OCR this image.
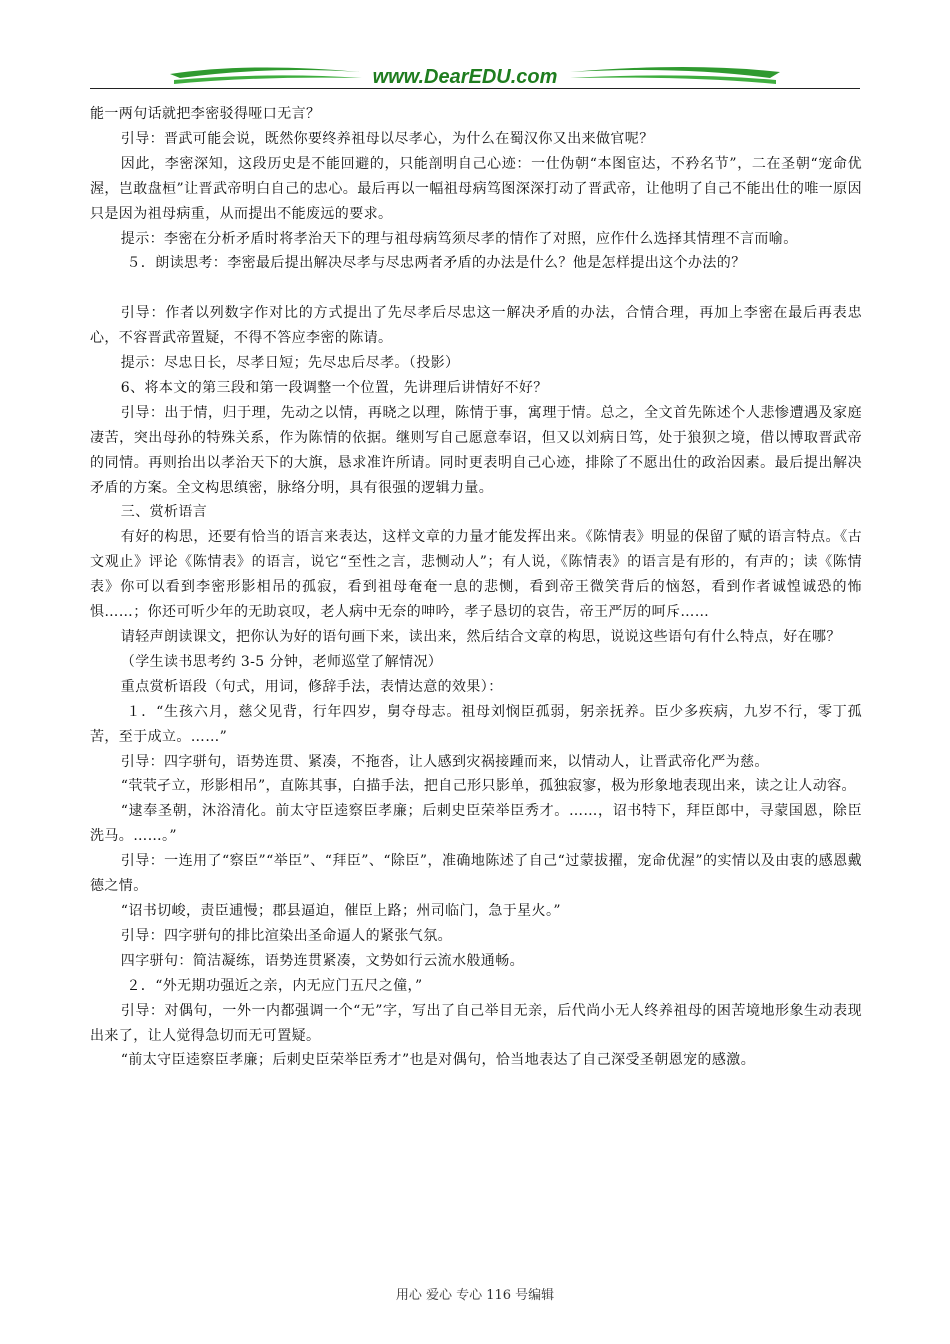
www.DearEDU.com

能一两句话就把李密驳得哑口无言？

引导：晋武可能会说，既然你要终养祖母以尽孝心，为什么在蜀汉你又出来做官呢？

因此，李密深知，这段历史是不能回避的，只能剖明自己心迹：一仕伪朝“本图宦达，不矜名节”，二在圣朝“宠命优渥，岂敢盘桓”让晋武帝明白自己的忠心。最后再以一幅祖母病笃图深深打动了晋武帝，让他明了自己不能出仕的唯一原因只是因为祖母病重，从而提出不能废远的要求。

提示：李密在分析矛盾时将孝治天下的理与祖母病笃须尽孝的情作了对照，应作什么选择其情理不言而喻。

５．朗读思考：李密最后提出解决尽孝与尽忠两者矛盾的办法是什么？他是怎样提出这个办法的？

引导：作者以列数字作对比的方式提出了先尽孝后尽忠这一解决矛盾的办法，合情合理，再加上李密在最后再表忠心，不容晋武帝置疑，不得不答应李密的陈请。

提示：尽忠日长，尽孝日短；先尽忠后尽孝。（投影）

6、将本文的第三段和第一段调整一个位置，先讲理后讲情好不好？

引导：出于情，归于理，先动之以情，再晓之以理，陈情于事，寓理于情。总之，全文首先陈述个人悲惨遭遇及家庭凄苦，突出母孙的特殊关系，作为陈情的依据。继则写自己愿意奉诏，但又以刘病日笃，处于狼狈之境，借以博取晋武帝的同情。再则抬出以孝治天下的大旗，恳求准许所请。同时更表明自己心迹，排除了不愿出仕的政治因素。最后提出解决矛盾的方案。全文构思缜密，脉络分明，具有很强的逻辑力量。

三、赏析语言

有好的构思，还要有恰当的语言来表达，这样文章的力量才能发挥出来。《陈情表》明显的保留了赋的语言特点。《古文观止》评论《陈情表》的语言，说它“至性之言，悲恻动人”；有人说，《陈情表》的语言是有形的，有声的；读《陈情表》你可以看到李密形影相吊的孤寂，看到祖母奄奄一息的悲恻，看到帝王微笑背后的恼怒，看到作者诚惶诚恐的怖惧……；你还可听少年的无助哀叹，老人病中无奈的呻吟，孝子恳切的哀告，帝王严厉的呵斥……

请轻声朗读课文，把你认为好的语句画下来，读出来，然后结合文章的构思，说说这些语句有什么特点，好在哪？

（学生读书思考约 3-5 分钟，老师巡堂了解情况）

重点赏析语段（句式，用词，修辞手法，表情达意的效果）：

１．“生孩六月，慈父见背，行年四岁，舅夺母志。祖母刘悯臣孤弱，躬亲抚养。臣少多疾病，九岁不行，零丁孤苦，至于成立。……”

引导：四字骈句，语势连贯、紧凑，不拖沓，让人感到灾祸接踵而来，以情动人，让晋武帝化严为慈。

“茕茕孑立，形影相吊”，直陈其事，白描手法，把自己形只影单，孤独寂寥，极为形象地表现出来，读之让人动容。

“逮奉圣朝，沐浴清化。前太守臣逵察臣孝廉；后刺史臣荣举臣秀才。……，诏书特下，拜臣郎中，寻蒙国恩，除臣洗马。……。”

引导：一连用了“察臣”“举臣”、“拜臣”、“除臣”，准确地陈述了自己“过蒙拔擢，宠命优渥”的实情以及由衷的感恩戴德之情。

“诏书切峻，责臣逋慢；郡县逼迫，催臣上路；州司临门，急于星火。”

引导：四字骈句的排比渲染出圣命逼人的紧张气氛。

四字骈句：简洁凝练，语势连贯紧凑，文势如行云流水般通畅。

２．“外无期功强近之亲，内无应门五尺之僮，”

引导：对偶句，一外一内都强调一个“无”字，写出了自己举目无亲，后代尚小无人终养祖母的困苦境地形象生动表现出来了，让人觉得急切而无可置疑。

“前太守臣逵察臣孝廉；后刺史臣荣举臣秀才”也是对偶句，恰当地表达了自己深受圣朝恩宠的感激。

用心 爱心 专心 116 号编辑
